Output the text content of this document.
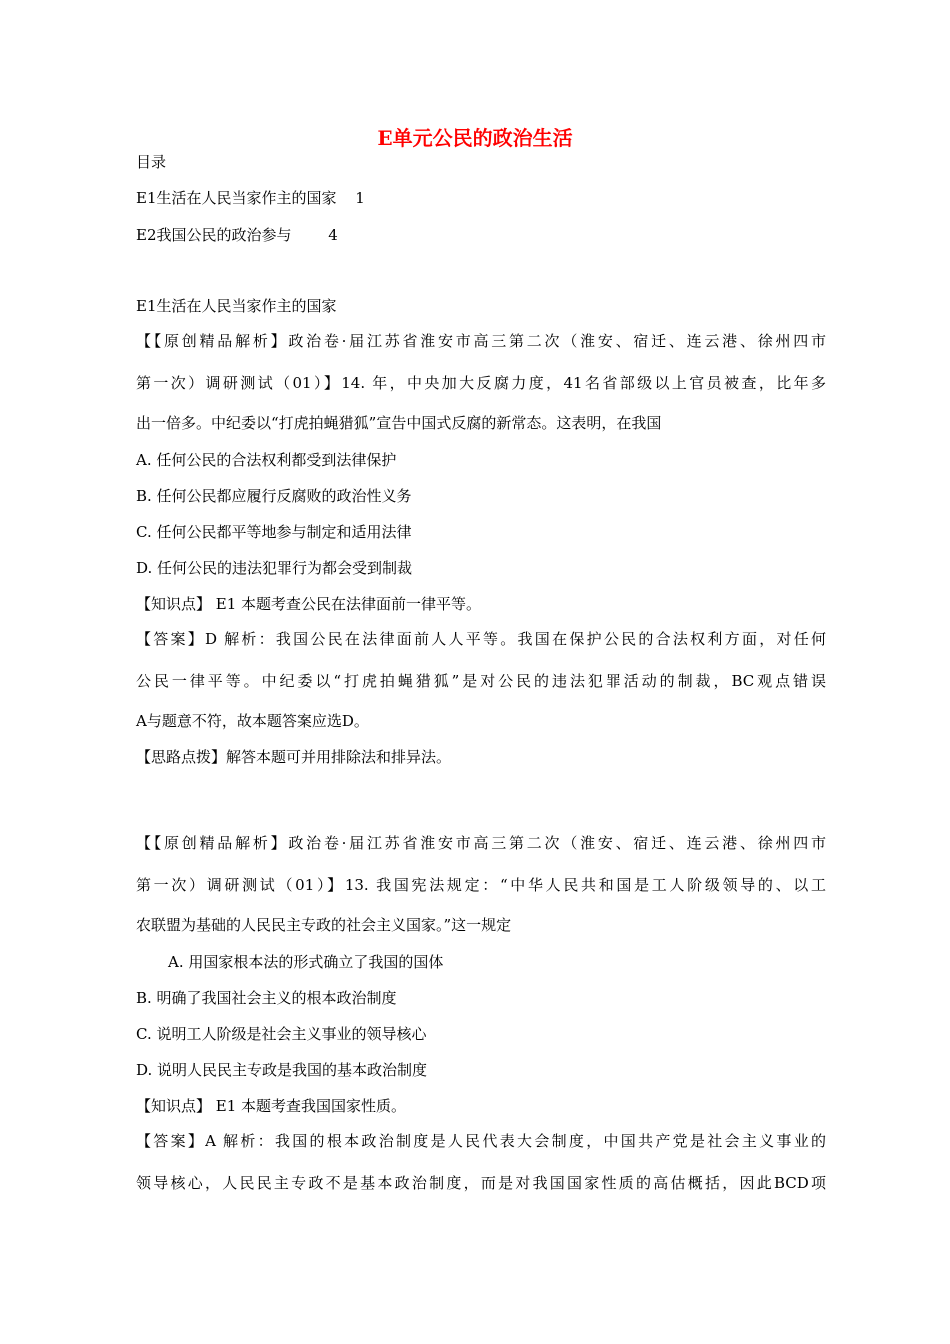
E单元公民的政治生活
目录
E1生活在人民当家作主的国家 1
E2我国公民的政治参与 4
E1生活在人民当家作主的国家
【【原创精品解析】政治卷·届江苏省淮安市高三第二次（淮安、宿迁、连云港、徐州四市
第一次）调研测试（01）】14. 年，中央加大反腐力度，41名省部级以上官员被查，比年多
出一倍多。中纪委以“打虎拍蝇猎狐”宣告中国式反腐的新常态。这表明，在我国
A. 任何公民的合法权利都受到法律保护
B. 任何公民都应履行反腐败的政治性义务
C. 任何公民都平等地参与制定和适用法律
D. 任何公民的违法犯罪行为都会受到制裁
【知识点】 E1 本题考查公民在法律面前一律平等。
【答案】D 解析：我国公民在法律面前人人平等。我国在保护公民的合法权利方面，对任何
公民一律平等。中纪委以“打虎拍蝇猎狐”是对公民的违法犯罪活动的制裁，BC观点错误
A与题意不符，故本题答案应选D。
【思路点拨】解答本题可并用排除法和排异法。
【【原创精品解析】政治卷·届江苏省淮安市高三第二次（淮安、宿迁、连云港、徐州四市
第一次）调研测试（01）】13. 我国宪法规定：“中华人民共和国是工人阶级领导的、以工
农联盟为基础的人民民主专政的社会主义国家。”这一规定
A. 用国家根本法的形式确立了我国的国体
B. 明确了我国社会主义的根本政治制度
C. 说明工人阶级是社会主义事业的领导核心
D. 说明人民民主专政是我国的基本政治制度
【知识点】 E1 本题考查我国国家性质。
【答案】A 解析：我国的根本政治制度是人民代表大会制度，中国共产党是社会主义事业的
领导核心，人民民主专政不是基本政治制度，而是对我国国家性质的高估概括，因此BCD项
